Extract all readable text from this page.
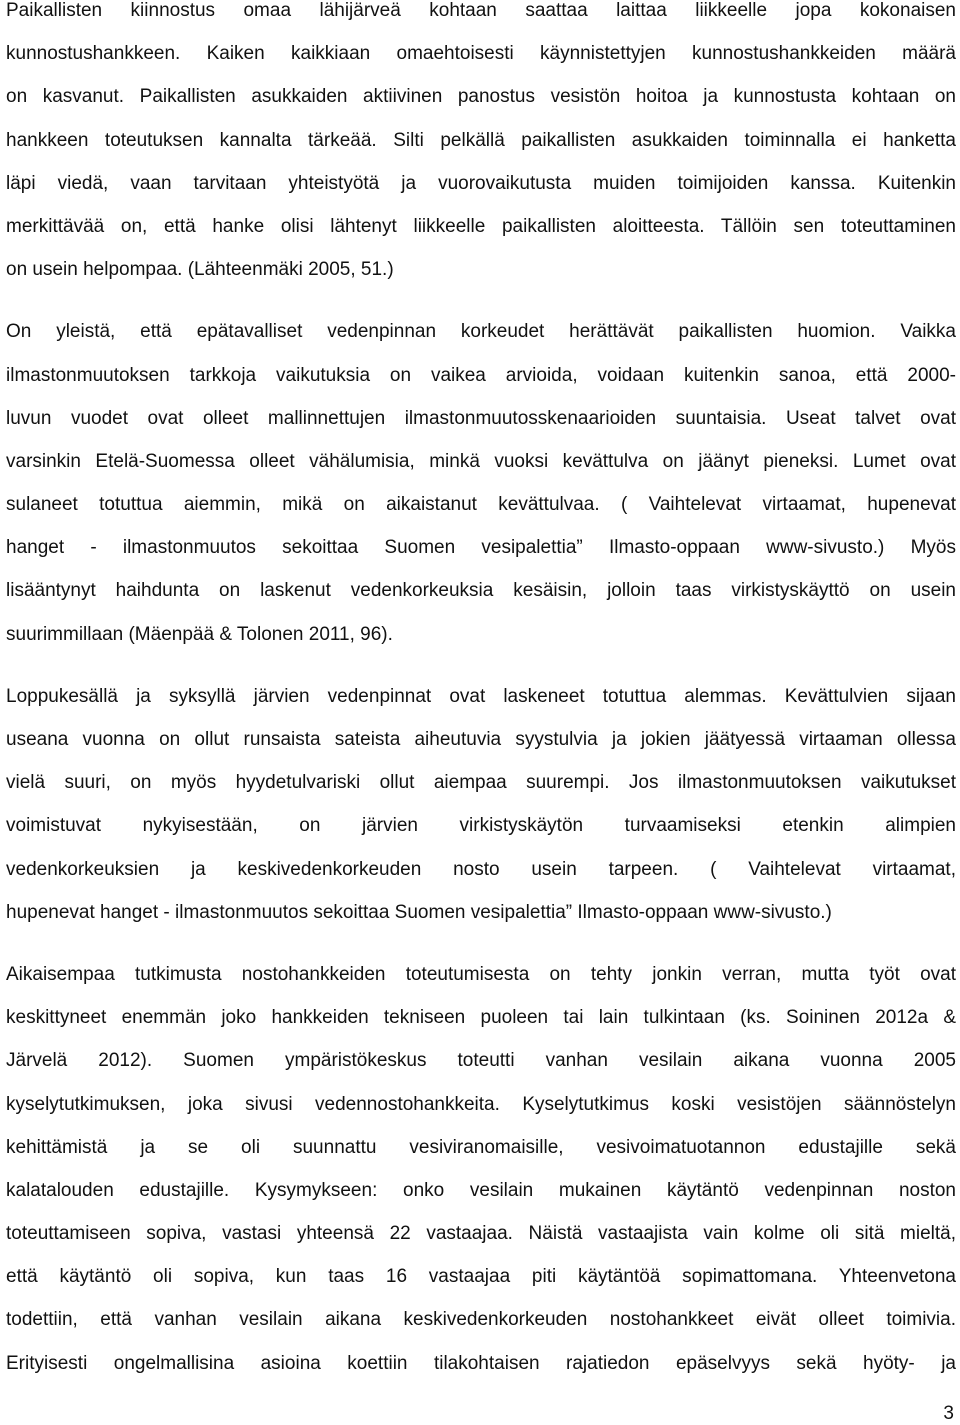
Paikallisten kiinnostus omaa lähijärveä kohtaan saattaa laittaa liikkeelle jopa kokonaisen
kunnostushankkeen. Kaiken kaikkiaan omaehtoisesti käynnistettyjen kunnostushankkeiden määrä
on kasvanut. Paikallisten asukkaiden aktiivinen panostus vesistön hoitoa ja kunnostusta kohtaan on
hankkeen toteutuksen kannalta tärkeää. Silti pelkällä paikallisten asukkaiden toiminnalla ei hanketta
läpi viedä, vaan tarvitaan yhteistyötä ja vuorovaikutusta muiden toimijoiden kanssa. Kuitenkin
merkittävää on, että hanke olisi lähtenyt liikkeelle paikallisten aloitteesta. Tällöin sen toteuttaminen
on usein helpompaa. (Lähteenmäki 2005, 51.)
On yleistä, että epätavalliset vedenpinnan korkeudet herättävät paikallisten huomion. Vaikka
ilmastonmuutoksen tarkkoja vaikutuksia on vaikea arvioida, voidaan kuitenkin sanoa, että 2000-
luvun vuodet ovat olleet mallinnettujen ilmastonmuutosskenaarioiden suuntaisia. Useat talvet ovat
varsinkin Etelä-Suomessa olleet vähälumisia, minkä vuoksi kevättulva on jäänyt pieneksi. Lumet ovat
sulaneet totuttua aiemmin, mikä on aikaistanut kevättulvaa. ( Vaihtelevat virtaamat, hupenevat
hanget - ilmastonmuutos sekoittaa Suomen vesipalettia” Ilmasto-oppaan www-sivusto.) Myös
lisääntynyt haihdunta on laskenut vedenkorkeuksia kesäisin, jolloin taas virkistyskäyttö on usein
suurimmillaan (Mäenpää & Tolonen 2011, 96).
Loppukesällä ja syksyllä järvien vedenpinnat ovat laskeneet totuttua alemmas. Kevättulvien sijaan
useana vuonna on ollut runsaista sateista aiheutuvia syystulvia ja jokien jäätyessä virtaaman ollessa
vielä suuri, on myös hyydetulvariski ollut aiempaa suurempi. Jos ilmastonmuutoksen vaikutukset
voimistuvat nykyisestään, on järvien virkistyskäytön turvaamiseksi etenkin alimpien
vedenkorkeuksien ja keskivedenkorkeuden nosto usein tarpeen. ( Vaihtelevat virtaamat,
hupenevat hanget - ilmastonmuutos sekoittaa Suomen vesipalettia” Ilmasto-oppaan www-sivusto.)
Aikaisempaa tutkimusta nostohankkeiden toteutumisesta on tehty jonkin verran, mutta työt ovat
keskittyneet enemmän joko hankkeiden tekniseen puoleen tai lain tulkintaan (ks. Soininen 2012a &
Järvelä 2012). Suomen ympäristökeskus toteutti vanhan vesilain aikana vuonna 2005
kyselytutkimuksen, joka sivusi vedennostohankkeita. Kyselytutkimus koski vesistöjen säännöstelyn
kehittämistä ja se oli suunnattu vesiviranomaisille, vesivoimatuotannon edustajille sekä
kalatalouden edustajille. Kysymykseen: onko vesilain mukainen käytäntö vedenpinnan noston
toteuttamiseen sopiva, vastasi yhteensä 22 vastaajaa. Näistä vastaajista vain kolme oli sitä mieltä,
että käytäntö oli sopiva, kun taas 16 vastaajaa piti käytäntöä sopimattomana. Yhteenvetona
todettiin, että vanhan vesilain aikana keskivedenkorkeuden nostohankkeet eivät olleet toimivia.
Erityisesti ongelmallisina asioina koettiin tilakohtaisen rajatiedon epäselvyys sekä hyöty- ja
3
